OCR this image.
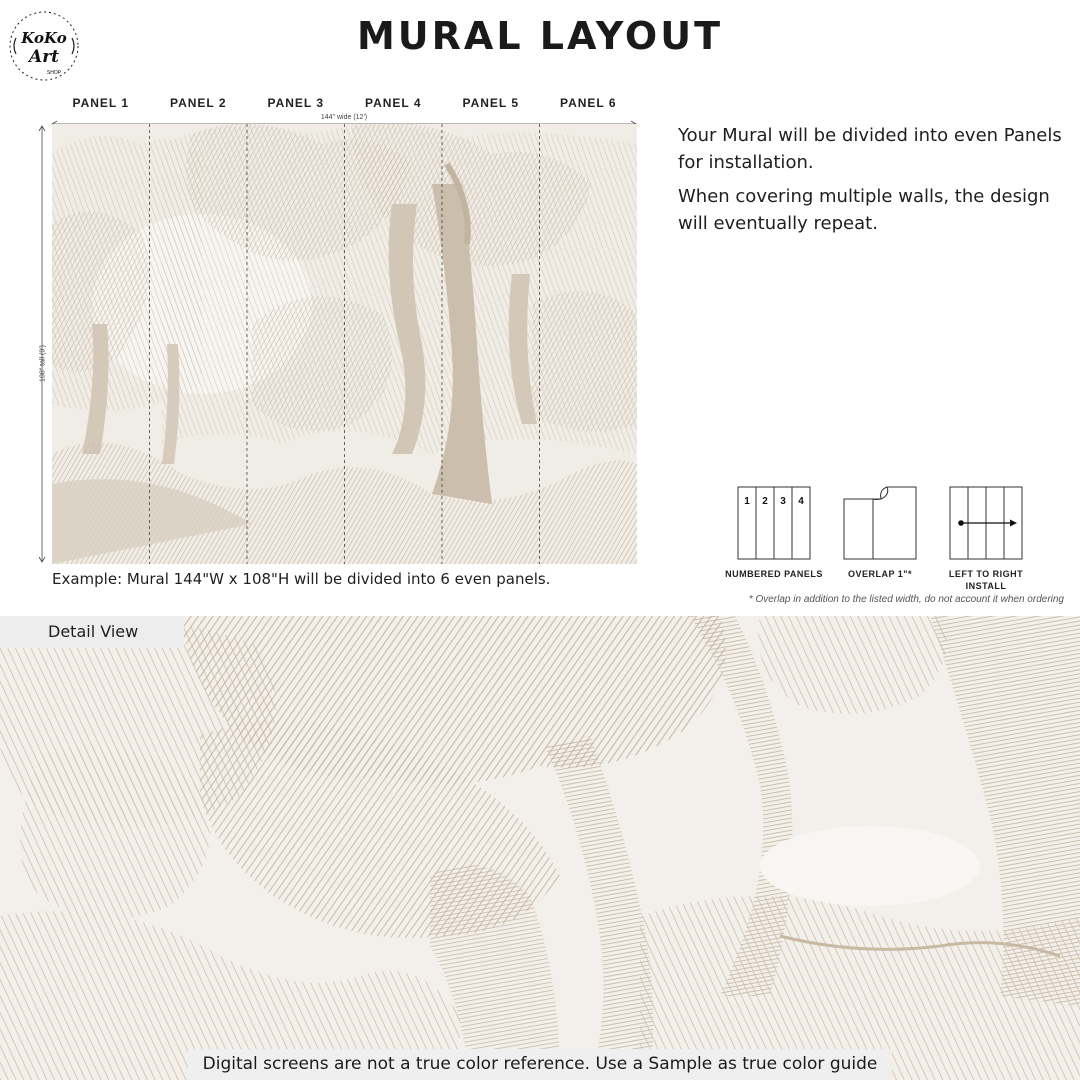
KoKo
Art
SHOP
MURAL LAYOUT
PANEL 1	PANEL 2	PANEL 3	PANEL 4	PANEL 5	PANEL 6
144" wide (12')
108" tall (9')
Example: Mural 144"W x 108"H will be divided into 6 even panels.

Your Mural will be divided into even Panels for installation.

When covering multiple walls, the design will eventually repeat.

1 2 3 4
NUMBERED PANELS	OVERLAP 1"*	LEFT TO RIGHT
INSTALL
* Overlap in addition to the listed width, do not account it when ordering
Detail View
Digital screens are not a true color reference. Use a Sample as true color guide
